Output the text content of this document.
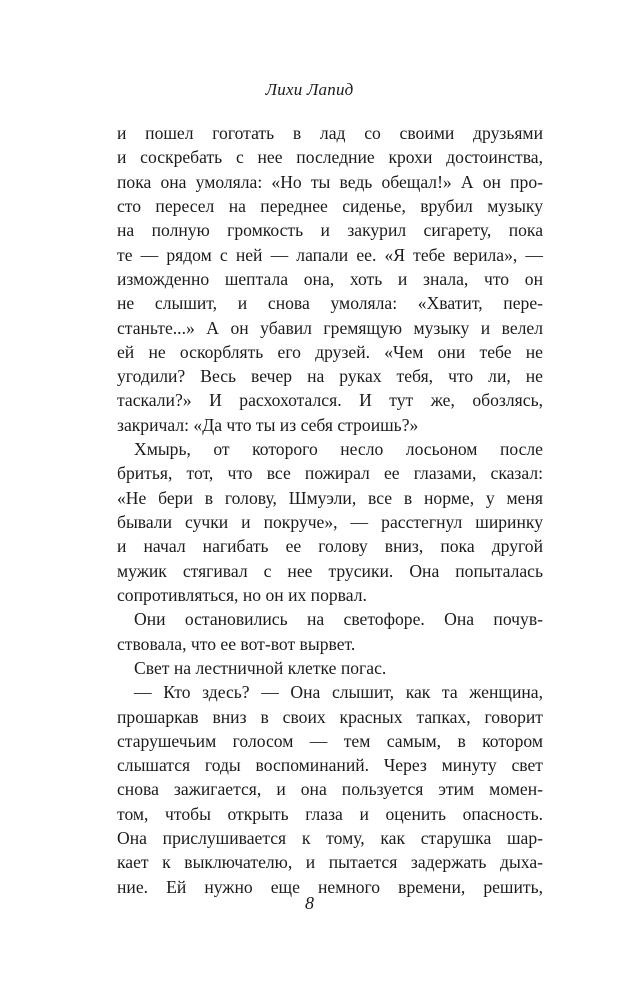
Лихи Лапид
и пошел гоготать в лад со своими друзьями
и соскребать с нее последние крохи достоинства,
пока она умоляла: «Но ты ведь обещал!» А он про-
сто пересел на переднее сиденье, врубил музыку
на полную громкость и закурил сигарету, пока
те — рядом с ней — лапали ее. «Я тебе верила», —
изможденно шептала она, хоть и знала, что он
не слышит, и снова умоляла: «Хватит, пере-
станьте...» А он убавил гремящую музыку и велел
ей не оскорблять его друзей. «Чем они тебе не
угодили? Весь вечер на руках тебя, что ли, не
таскали?» И расхохотался. И тут же, обозлясь,
закричал: «Да что ты из себя строишь?»
Хмырь, от которого несло лосьоном после
бритья, тот, что все пожирал ее глазами, сказал:
«Не бери в голову, Шмуэли, все в норме, у меня
бывали сучки и покруче», — расстегнул ширинку
и начал нагибать ее голову вниз, пока другой
мужик стягивал с нее трусики. Она попыталась
сопротивляться, но он их порвал.
Они остановились на светофоре. Она почув-
ствовала, что ее вот-вот вырвет.
Свет на лестничной клетке погас.
— Кто здесь? — Она слышит, как та женщина,
прошаркав вниз в своих красных тапках, говорит
старушечьим голосом — тем самым, в котором
слышатся годы воспоминаний. Через минуту свет
снова зажигается, и она пользуется этим момен-
том, чтобы открыть глаза и оценить опасность.
Она прислушивается к тому, как старушка шар-
кает к выключателю, и пытается задержать дыха-
ние. Ей нужно еще немного времени, решить,
8
